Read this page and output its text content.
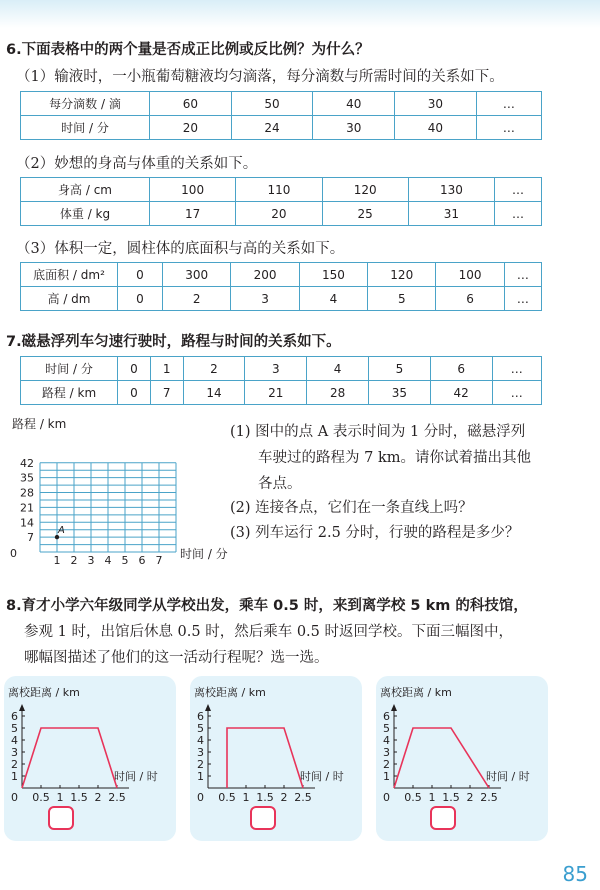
6.下面表格中的两个量是否成正比例或反比例？为什么？
（1）输液时，一小瓶葡萄糖液均匀滴落，每分滴数与所需时间的关系如下。
每分滴数 / 滴	60	50	40	30	…
时间 / 分	20	24	30	40	…
（2）妙想的身高与体重的关系如下。
身高 / cm	100	110	120	130	…
体重 / kg	17	20	25	31	…
（3）体积一定，圆柱体的底面积与高的关系如下。
底面积 / dm²	0	300	200	150	120	100	…
高 / dm	0	2	3	4	5	6	…
7.磁悬浮列车匀速行驶时，路程与时间的关系如下。
时间 / 分	0	1	2	3	4	5	6	…
路程 / km	0	7	14	21	28	35	42	…
路程 / km
时间 / 分
0
42
35
28
21
14
7
1 2 3 4 5 6 7
A
(1) 图中的点 A 表示时间为 1 分时，磁悬浮列
车驶过的路程为 7 km。请你试着描出其他
各点。
(2) 连接各点，它们在一条直线上吗？
(3) 列车运行 2.5 分时，行驶的路程是多少？
8.育才小学六年级同学从学校出发，乘车 0.5 时，来到离学校 5 km 的科技馆，
参观 1 时，出馆后休息 0.5 时，然后乘车 0.5 时返回学校。下面三幅图中，
哪幅图描述了他们的这一活动行程呢？选一选。
离校距离 / km
6
5
4
3
2
1
0 0.5 1 1.5 2 2.5
时间 / 时
离校距离 / km
6
5
4
3
2
1
0 0.5 1 1.5 2 2.5
时间 / 时
离校距离 / km
6
5
4
3
2
1
0 0.5 1 1.5 2 2.5
时间 / 时
85
